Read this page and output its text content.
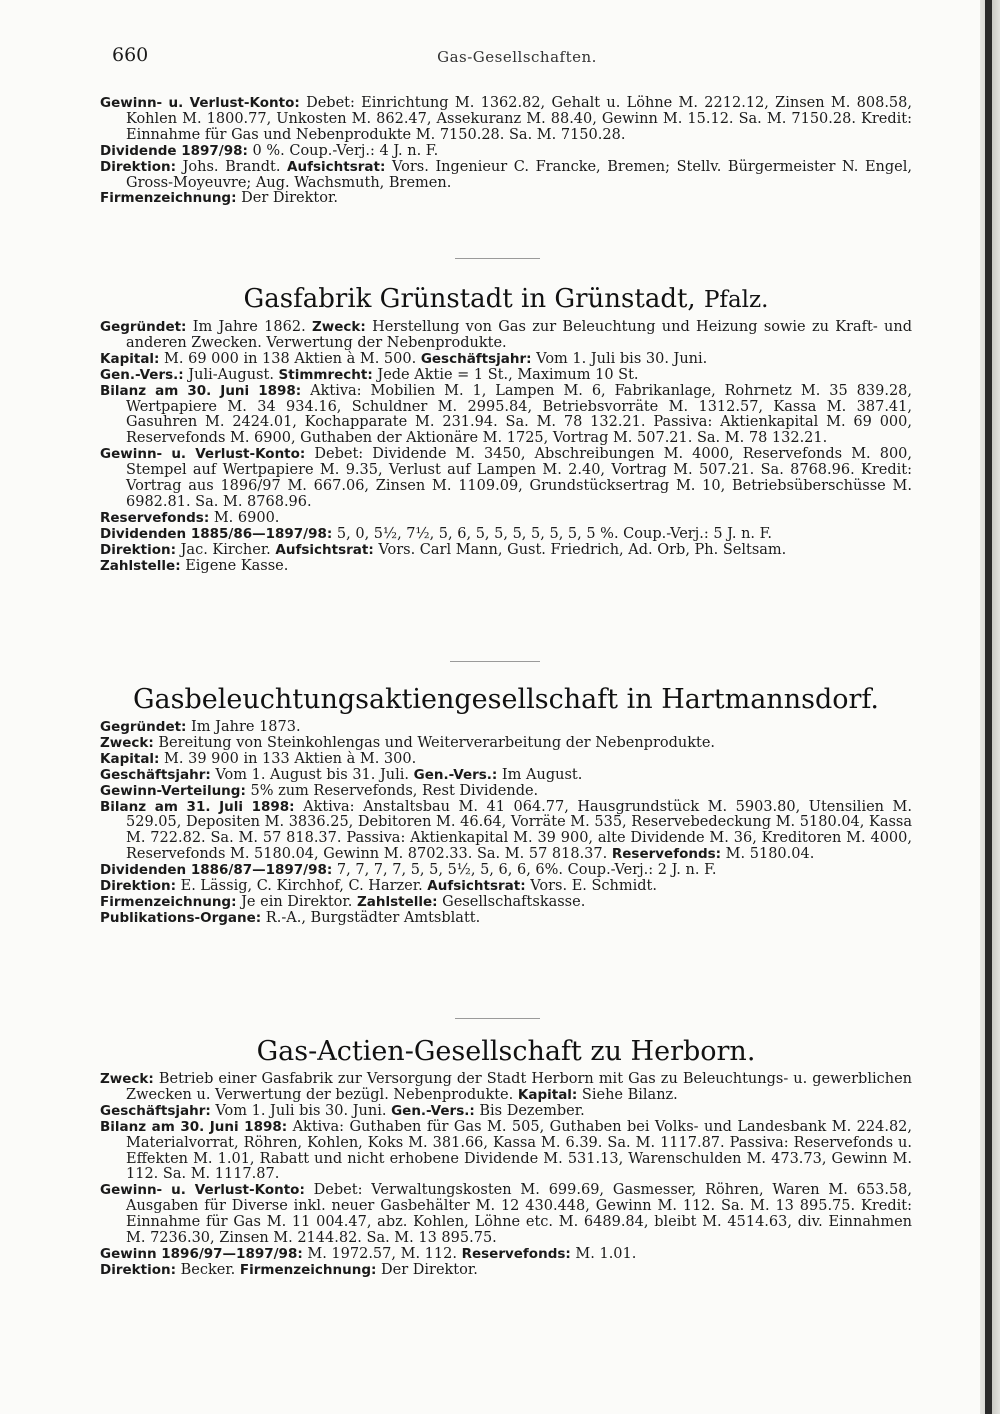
660	Gas-Gesellschaften.

Gewinn- u. Verlust-Konto: Debet: Einrichtung M. 1362.82, Gehalt u. Löhne M. 2212.12, Zinsen M. 808.58, Kohlen M. 1800.77, Unkosten M. 862.47, Assekuranz M. 88.40, Gewinn M. 15.12. Sa. M. 7150.28. Kredit: Einnahme für Gas und Nebenprodukte M. 7150.28. Sa. M. 7150.28.

Dividende 1897/98: 0 %. Coup.-Verj.: 4 J. n. F.

Direktion: Johs. Brandt. Aufsichtsrat: Vors. Ingenieur C. Francke, Bremen; Stellv. Bürgermeister N. Engel, Gross-Moyeuvre; Aug. Wachsmuth, Bremen.

Firmenzeichnung: Der Direktor.

Gasfabrik Grünstadt in Grünstadt, Pfalz.

Gegründet: Im Jahre 1862. Zweck: Herstellung von Gas zur Beleuchtung und Heizung sowie zu Kraft- und anderen Zwecken. Verwertung der Nebenprodukte.

Kapital: M. 69 000 in 138 Aktien à M. 500. Geschäftsjahr: Vom 1. Juli bis 30. Juni.

Gen.-Vers.: Juli-August. Stimmrecht: Jede Aktie = 1 St., Maximum 10 St.

Bilanz am 30. Juni 1898: Aktiva: Mobilien M. 1, Lampen M. 6, Fabrikanlage, Rohrnetz M. 35 839.28, Wertpapiere M. 34 934.16, Schuldner M. 2995.84, Betriebsvorräte M. 1312.57, Kassa M. 387.41, Gasuhren M. 2424.01, Kochapparate M. 231.94. Sa. M. 78 132.21. Passiva: Aktienkapital M. 69 000, Reservefonds M. 6900, Guthaben der Aktionäre M. 1725, Vortrag M. 507.21. Sa. M. 78 132.21.

Gewinn- u. Verlust-Konto: Debet: Dividende M. 3450, Abschreibungen M. 4000, Reservefonds M. 800, Stempel auf Wertpapiere M. 9.35, Verlust auf Lampen M. 2.40, Vortrag M. 507.21. Sa. 8768.96. Kredit: Vortrag aus 1896/97 M. 667.06, Zinsen M. 1109.09, Grundstücksertrag M. 10, Betriebsüberschüsse M. 6982.81. Sa. M. 8768.96.

Reservefonds: M. 6900.

Dividenden 1885/86—1897/98: 5, 0, 5½, 7½, 5, 6, 5, 5, 5, 5, 5, 5, 5 %. Coup.-Verj.: 5 J. n. F.

Direktion: Jac. Kircher. Aufsichtsrat: Vors. Carl Mann, Gust. Friedrich, Ad. Orb, Ph. Seltsam.

Zahlstelle: Eigene Kasse.

Gasbeleuchtungsaktiengesellschaft in Hartmannsdorf.

Gegründet: Im Jahre 1873.

Zweck: Bereitung von Steinkohlengas und Weiterverarbeitung der Nebenprodukte.

Kapital: M. 39 900 in 133 Aktien à M. 300.

Geschäftsjahr: Vom 1. August bis 31. Juli. Gen.-Vers.: Im August.

Gewinn-Verteilung: 5% zum Reservefonds, Rest Dividende.

Bilanz am 31. Juli 1898: Aktiva: Anstaltsbau M. 41 064.77, Hausgrundstück M. 5903.80, Utensilien M. 529.05, Depositen M. 3836.25, Debitoren M. 46.64, Vorräte M. 535, Reservebedeckung M. 5180.04, Kassa M. 722.82. Sa. M. 57 818.37. Passiva: Aktienkapital M. 39 900, alte Dividende M. 36, Kreditoren M. 4000, Reservefonds M. 5180.04, Gewinn M. 8702.33. Sa. M. 57 818.37. Reservefonds: M. 5180.04.

Dividenden 1886/87—1897/98: 7, 7, 7, 7, 5, 5, 5½, 5, 6, 6, 6%. Coup.-Verj.: 2 J. n. F.

Direktion: E. Lässig, C. Kirchhof, C. Harzer. Aufsichtsrat: Vors. E. Schmidt.

Firmenzeichnung: Je ein Direktor. Zahlstelle: Gesellschaftskasse.

Publikations-Organe: R.-A., Burgstädter Amtsblatt.

Gas-Actien-Gesellschaft zu Herborn.

Zweck: Betrieb einer Gasfabrik zur Versorgung der Stadt Herborn mit Gas zu Beleuchtungs- u. gewerblichen Zwecken u. Verwertung der bezügl. Nebenprodukte. Kapital: Siehe Bilanz.

Geschäftsjahr: Vom 1. Juli bis 30. Juni. Gen.-Vers.: Bis Dezember.

Bilanz am 30. Juni 1898: Aktiva: Guthaben für Gas M. 505, Guthaben bei Volks- und Landesbank M. 224.82, Materialvorrat, Röhren, Kohlen, Koks M. 381.66, Kassa M. 6.39. Sa. M. 1117.87. Passiva: Reservefonds u. Effekten M. 1.01, Rabatt und nicht erhobene Dividende M. 531.13, Warenschulden M. 473.73, Gewinn M. 112. Sa. M. 1117.87.

Gewinn- u. Verlust-Konto: Debet: Verwaltungskosten M. 699.69, Gasmesser, Röhren, Waren M. 653.58, Ausgaben für Diverse inkl. neuer Gasbehälter M. 12 430.448, Gewinn M. 112. Sa. M. 13 895.75. Kredit: Einnahme für Gas M. 11 004.47, abz. Kohlen, Löhne etc. M. 6489.84, bleibt M. 4514.63, div. Einnahmen M. 7236.30, Zinsen M. 2144.82. Sa. M. 13 895.75.

Gewinn 1896/97—1897/98: M. 1972.57, M. 112. Reservefonds: M. 1.01.

Direktion: Becker. Firmenzeichnung: Der Direktor.
